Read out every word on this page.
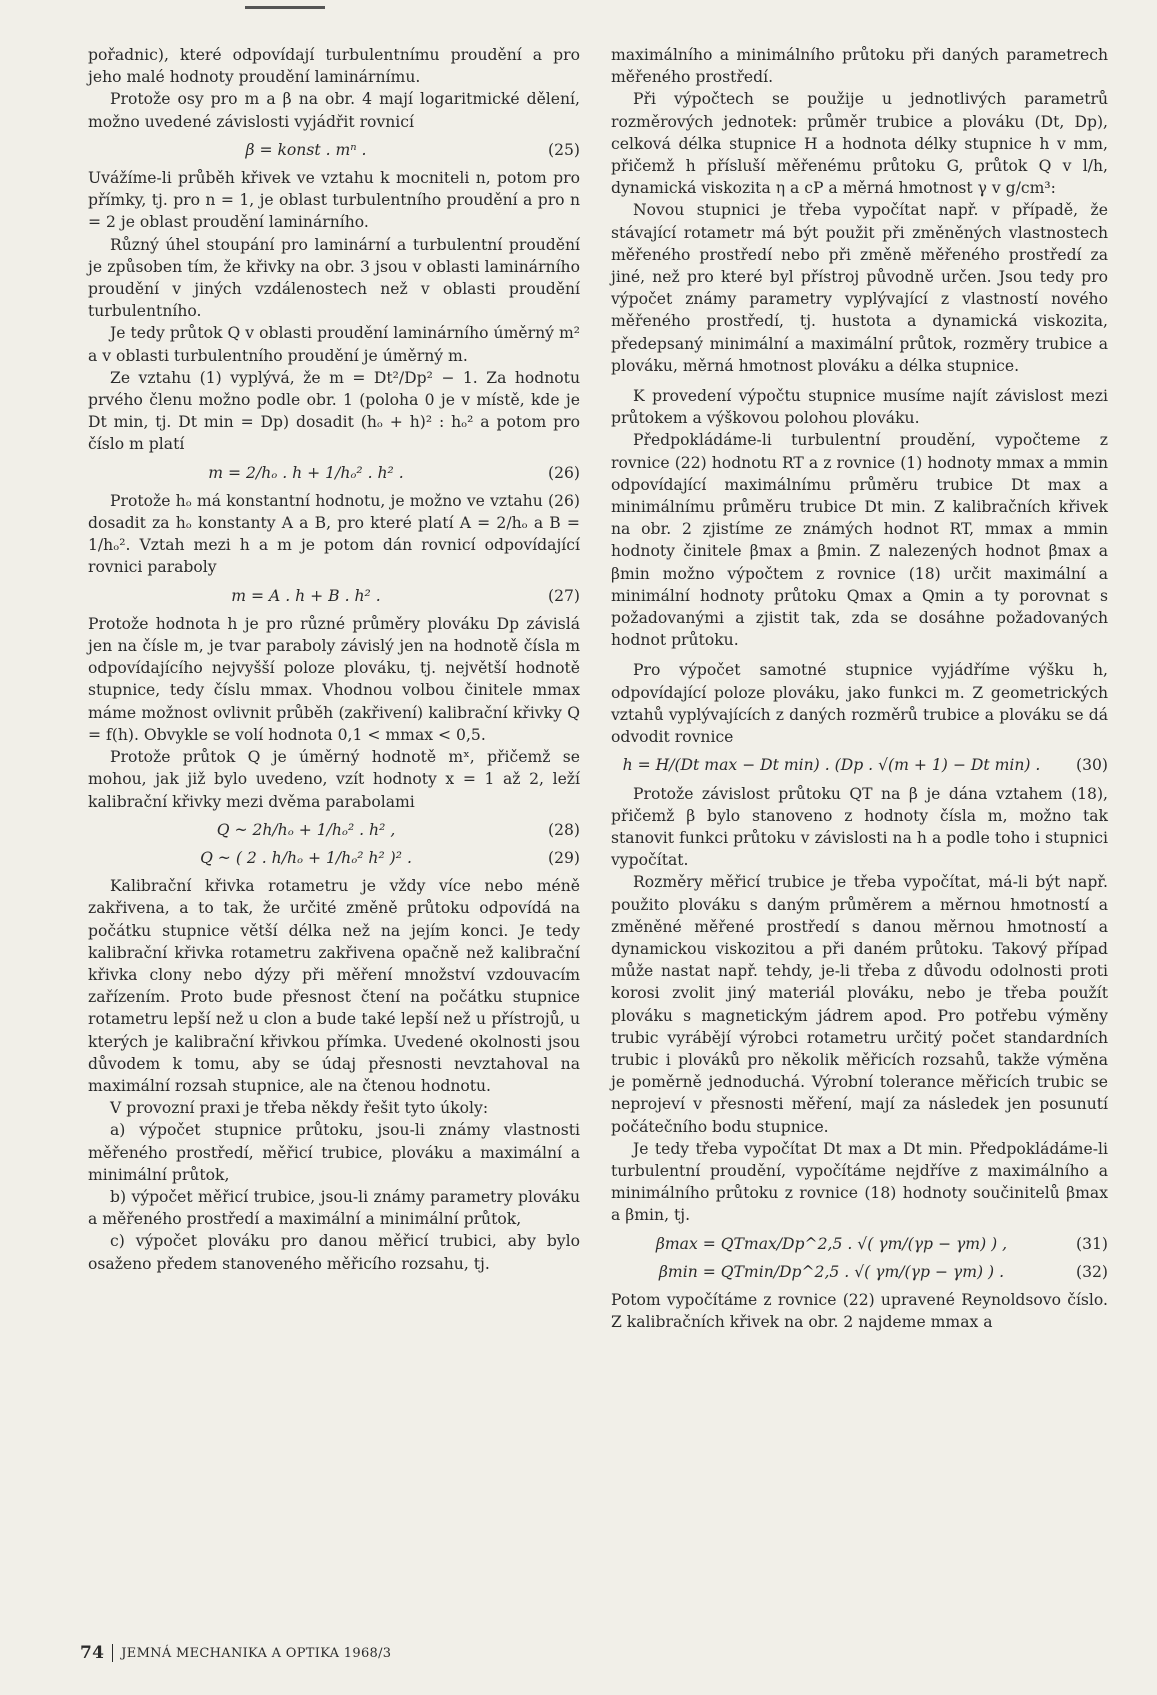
pořadnic), které odpovídají turbulentnímu proudění a pro jeho malé hodnoty proudění laminárnímu.

Protože osy pro m a β na obr. 4 mají logaritmické dělení, možno uvedené závislosti vyjádřit rovnicí

β = konst . mⁿ .	(25)

Uvážíme-li průběh křivek ve vztahu k mocniteli n, potom pro přímky, tj. pro n = 1, je oblast turbulentního proudění a pro n = 2 je oblast proudění laminárního.

Různý úhel stoupání pro laminární a turbulentní proudění je způsoben tím, že křivky na obr. 3 jsou v oblasti laminárního proudění v jiných vzdálenostech než v oblasti proudění turbulentního.

Je tedy průtok Q v oblasti proudění laminárního úměrný m² a v oblasti turbulentního proudění je úměrný m.

Ze vztahu (1) vyplývá, že m = Dt²/Dp² − 1. Za hodnotu prvého členu možno podle obr. 1 (poloha 0 je v místě, kde je Dt min, tj. Dt min = Dp) dosadit (hₒ + h)² : hₒ² a potom pro číslo m platí

m = 2/hₒ . h + 1/hₒ² . h² .	(26)

Protože hₒ má konstantní hodnotu, je možno ve vztahu (26) dosadit za hₒ konstanty A a B, pro které platí A = 2/hₒ a B = 1/hₒ². Vztah mezi h a m je potom dán rovnicí odpovídající rovnici paraboly

m = A . h + B . h² .	(27)

Protože hodnota h je pro různé průměry plováku Dp závislá jen na čísle m, je tvar paraboly závislý jen na hodnotě čísla m odpovídajícího nejvyšší poloze plováku, tj. největší hodnotě stupnice, tedy číslu mmax. Vhodnou volbou činitele mmax máme možnost ovlivnit průběh (zakřivení) kalibrační křivky Q = f(h). Obvykle se volí hodnota 0,1 < mmax < 0,5.

Protože průtok Q je úměrný hodnotě mˣ, přičemž se mohou, jak již bylo uvedeno, vzít hodnoty x = 1 až 2, leží kalibrační křivky mezi dvěma parabolami

Q ~ 2h/hₒ + 1/hₒ² . h² ,	(28)
Q ~ ( 2 . h/hₒ + 1/hₒ² h² )² .	(29)

Kalibrační křivka rotametru je vždy více nebo méně zakřivena, a to tak, že určité změně průtoku odpovídá na počátku stupnice větší délka než na jejím konci. Je tedy kalibrační křivka rotametru zakřivena opačně než kalibrační křivka clony nebo dýzy při měření množství vzdouvacím zařízením. Proto bude přesnost čtení na počátku stupnice rotametru lepší než u clon a bude také lepší než u přístrojů, u kterých je kalibrační křivkou přímka. Uvedené okolnosti jsou důvodem k tomu, aby se údaj přesnosti nevztahoval na maximální rozsah stupnice, ale na čtenou hodnotu.

V provozní praxi je třeba někdy řešit tyto úkoly:

a) výpočet stupnice průtoku, jsou-li známy vlastnosti měřeného prostředí, měřicí trubice, plováku a maximální a minimální průtok,

b) výpočet měřicí trubice, jsou-li známy parametry plováku a měřeného prostředí a maximální a minimální průtok,

c) výpočet plováku pro danou měřicí trubici, aby bylo osaženo předem stanoveného měřicího rozsahu, tj.

maximálního a minimálního průtoku při daných parametrech měřeného prostředí.

Při výpočtech se použije u jednotlivých parametrů rozměrových jednotek: průměr trubice a plováku (Dt, Dp), celková délka stupnice H a hodnota délky stupnice h v mm, přičemž h přísluší měřenému průtoku G, průtok Q v l/h, dynamická viskozita η a cP a měrná hmotnost γ v g/cm³:

Novou stupnici je třeba vypočítat např. v případě, že stávající rotametr má být použit při změněných vlastnostech měřeného prostředí nebo při změně měřeného prostředí za jiné, než pro které byl přístroj původně určen. Jsou tedy pro výpočet známy parametry vyplývající z vlastností nového měřeného prostředí, tj. hustota a dynamická viskozita, předepsaný minimální a maximální průtok, rozměry trubice a plováku, měrná hmotnost plováku a délka stupnice.

K provedení výpočtu stupnice musíme najít závislost mezi průtokem a výškovou polohou plováku.

Předpokládáme-li turbulentní proudění, vypočteme z rovnice (22) hodnotu RT a z rovnice (1) hodnoty mmax a mmin odpovídající maximálnímu průměru trubice Dt max a minimálnímu průměru trubice Dt min. Z kalibračních křivek na obr. 2 zjistíme ze známých hodnot RT, mmax a mmin hodnoty činitele βmax a βmin. Z nalezených hodnot βmax a βmin možno výpočtem z rovnice (18) určit maximální a minimální hodnoty průtoku Qmax a Qmin a ty porovnat s požadovanými a zjistit tak, zda se dosáhne požadovaných hodnot průtoku.

Pro výpočet samotné stupnice vyjádříme výšku h, odpovídající poloze plováku, jako funkci m. Z geometrických vztahů vyplývajících z daných rozměrů trubice a plováku se dá odvodit rovnice

h = H/(Dt max − Dt min) . (Dp . √(m + 1) − Dt min) .	(30)

Protože závislost průtoku QT na β je dána vztahem (18), přičemž β bylo stanoveno z hodnoty čísla m, možno tak stanovit funkci průtoku v závislosti na h a podle toho i stupnici vypočítat.

Rozměry měřicí trubice je třeba vypočítat, má-li být např. použito plováku s daným průměrem a měrnou hmotností a změněné měřené prostředí s danou měrnou hmotností a dynamickou viskozitou a při daném průtoku. Takový případ může nastat např. tehdy, je-li třeba z důvodu odolnosti proti korosi zvolit jiný materiál plováku, nebo je třeba použít plováku s magnetickým jádrem apod. Pro potřebu výměny trubic vyrábějí výrobci rotametru určitý počet standardních trubic i plováků pro několik měřicích rozsahů, takže výměna je poměrně jednoduchá. Výrobní tolerance měřicích trubic se neprojeví v přesnosti měření, mají za následek jen posunutí počátečního bodu stupnice.

Je tedy třeba vypočítat Dt max a Dt min. Předpokládáme-li turbulentní proudění, vypočítáme nejdříve z maximálního a minimálního průtoku z rovnice (18) hodnoty součinitelů βmax a βmin, tj.

βmax = QTmax/Dp^2,5 . √( γm/(γp − γm) ) ,	(31)
βmin = QTmin/Dp^2,5 . √( γm/(γp − γm) ) .	(32)

Potom vypočítáme z rovnice (22) upravené Reynoldsovo číslo. Z kalibračních křivek na obr. 2 najdeme mmax a

74 JEMNÁ MECHANIKA A OPTIKA 1968/3
